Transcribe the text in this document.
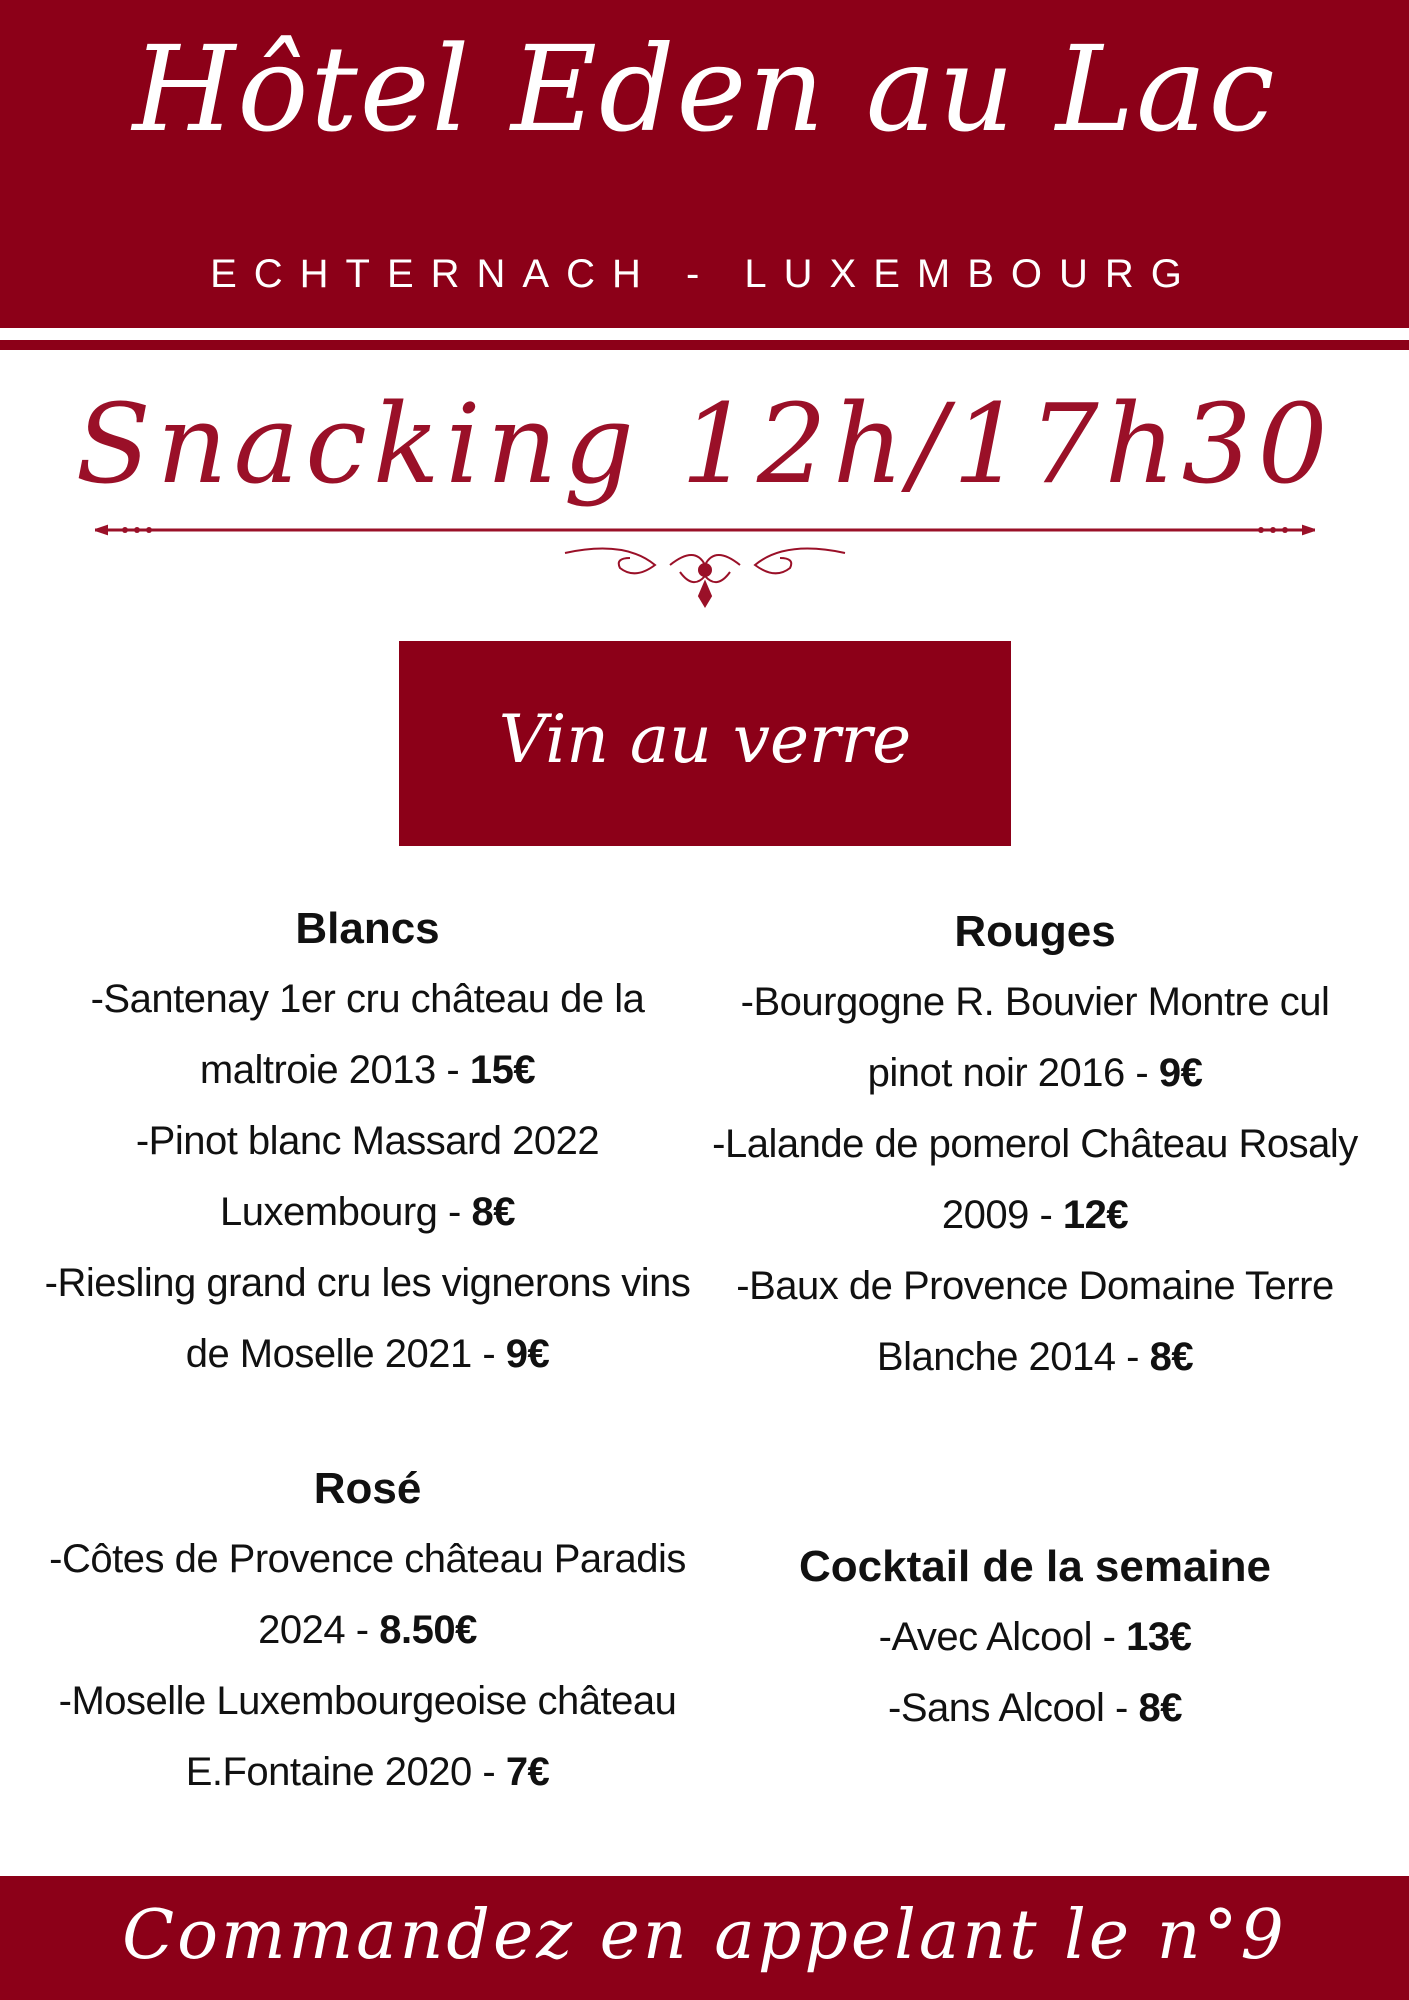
Hôtel Eden au Lac
ECHTERNACH - LUXEMBOURG
Snacking 12h/17h30
Vin au verre
Blancs
-Santenay 1er cru château de la maltroie 2013 - 15€
-Pinot blanc Massard 2022 Luxembourg - 8€
-Riesling grand cru les vignerons vins de Moselle 2021 - 9€
Rouges
-Bourgogne R. Bouvier Montre cul pinot noir 2016 - 9€
-Lalande de pomerol Château Rosaly 2009 - 12€
-Baux de Provence Domaine Terre Blanche 2014 - 8€
Rosé
-Côtes de Provence château Paradis 2024 - 8.50€
-Moselle Luxembourgeoise château E.Fontaine 2020 - 7€
Cocktail de la semaine
-Avec Alcool - 13€
-Sans Alcool - 8€
Commandez en appelant le n°9
